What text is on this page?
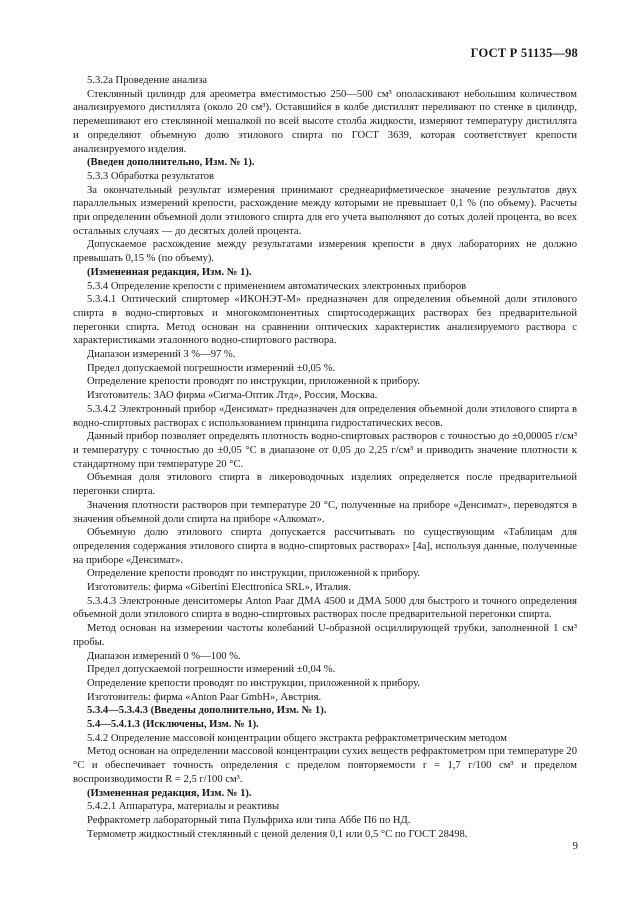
ГОСТ Р 51135—98

5.3.2а Проведение анализа

Стеклянный цилиндр для ареометра вместимостью 250—500 см³ ополаскивают небольшим количеством анализируемого дистиллята (около 20 см³). Оставшийся в колбе дистиллят переливают по стенке в цилиндр, перемешивают его стеклянной мешалкой по всей высоте столба жидкости, измеряют температуру дистиллята и определяют объемную долю этилового спирта по ГОСТ 3639, которая соответствует крепости анализируемого изделия.

(Введен дополнительно, Изм. № 1).

5.3.3 Обработка результатов

За окончательный результат измерения принимают среднеарифметическое значение результатов двух параллельных измерений крепости, расхождение между которыми не превышает 0,1 % (по объему). Расчеты при определении объемной доли этилового спирта для его учета выполняют до сотых долей процента, во всех остальных случаях — до десятых долей процента.

Допускаемое расхождение между результатами измерения крепости в двух лабораториях не должно превышать 0,15 % (по объему).

(Измененная редакция, Изм. № 1).

5.3.4 Определение крепости с применением автоматических электронных приборов

5.3.4.1 Оптический спиртомер «ИКОНЭТ-М» предназначен для определения объемной доли этилового спирта в водно-спиртовых и многокомпонентных спиртосодержащих растворах без предварительной перегонки спирта. Метод основан на сравнении оптических характеристик анализируемого раствора с характеристиками эталонного водно-спиртового раствора.

Диапазон измерений 3 %—97 %.

Предел допускаемой погрешности измерений ±0,05 %.

Определение крепости проводят по инструкции, приложенной к прибору.

Изготовитель: ЗАО фирма «Сигма-Оптик Лтд», Россия, Москва.

5.3.4.2 Электронный прибор «Денсимат» предназначен для определения объемной доли этилового спирта в водно-спиртовых растворах с использованием принципа гидростатических весов.

Данный прибор позволяет определять плотность водно-спиртовых растворов с точностью до ±0,00005 г/см³ и температуру с точностью до ±0,05 °С в диапазоне от 0,05 до 2,25 г/см³ и приводить значение плотности к стандартному при температуре 20 °С.

Объемная доля этилового спирта в ликероводочных изделиях определяется после предварительной перегонки спирта.

Значения плотности растворов при температуре 20 °С, полученные на приборе «Денсимат», переводятся в значения объемной доли спирта на приборе «Алкомат».

Объемную долю этилового спирта допускается рассчитывать по существующим «Таблицам для определения содержания этилового спирта в водно-спиртовых растворах» [4а], используя данные, полученные на приборе «Денсимат».

Определение крепости проводят по инструкции, приложенной к прибору.

Изготовитель: фирма «Gibertini Electtronica SRL», Италия.

5.3.4.3 Электронные денситомеры Anton Paar ДМА 4500 и ДМА 5000 для быстрого и точного определения объемной доли этилового спирта в водно-спиртовых растворах после предварительной перегонки спирта.

Метод основан на измерении частоты колебаний U-образной осциллирующей трубки, заполненной 1 см³ пробы.

Диапазон измерений 0 %—100 %.

Предел допускаемой погрешности измерений ±0,04 %.

Определение крепости проводят по инструкции, приложенной к прибору.

Изготовитель: фирма «Anton Paar GmbH», Австрия.

5.3.4—5.3.4.3 (Введены дополнительно, Изм. № 1).

5.4—5.4.1.3 (Исключены, Изм. № 1).

5.4.2 Определение массовой концентрации общего экстракта рефрактометрическим методом

Метод основан на определении массовой концентрации сухих веществ рефрактометром при температуре 20 °С и обеспечивает точность определения с пределом повторяемости r = 1,7 г/100 см³ и пределом воспроизводимости R = 2,5 г/100 см³.

(Измененная редакция, Изм. № 1).

5.4.2.1 Аппаратура, материалы и реактивы

Рефрактометр лабораторный типа Пульфриха или типа Аббе П6 по НД.

Термометр жидкостный стеклянный с ценой деления 0,1 или 0,5 °С по ГОСТ 28498.

9
